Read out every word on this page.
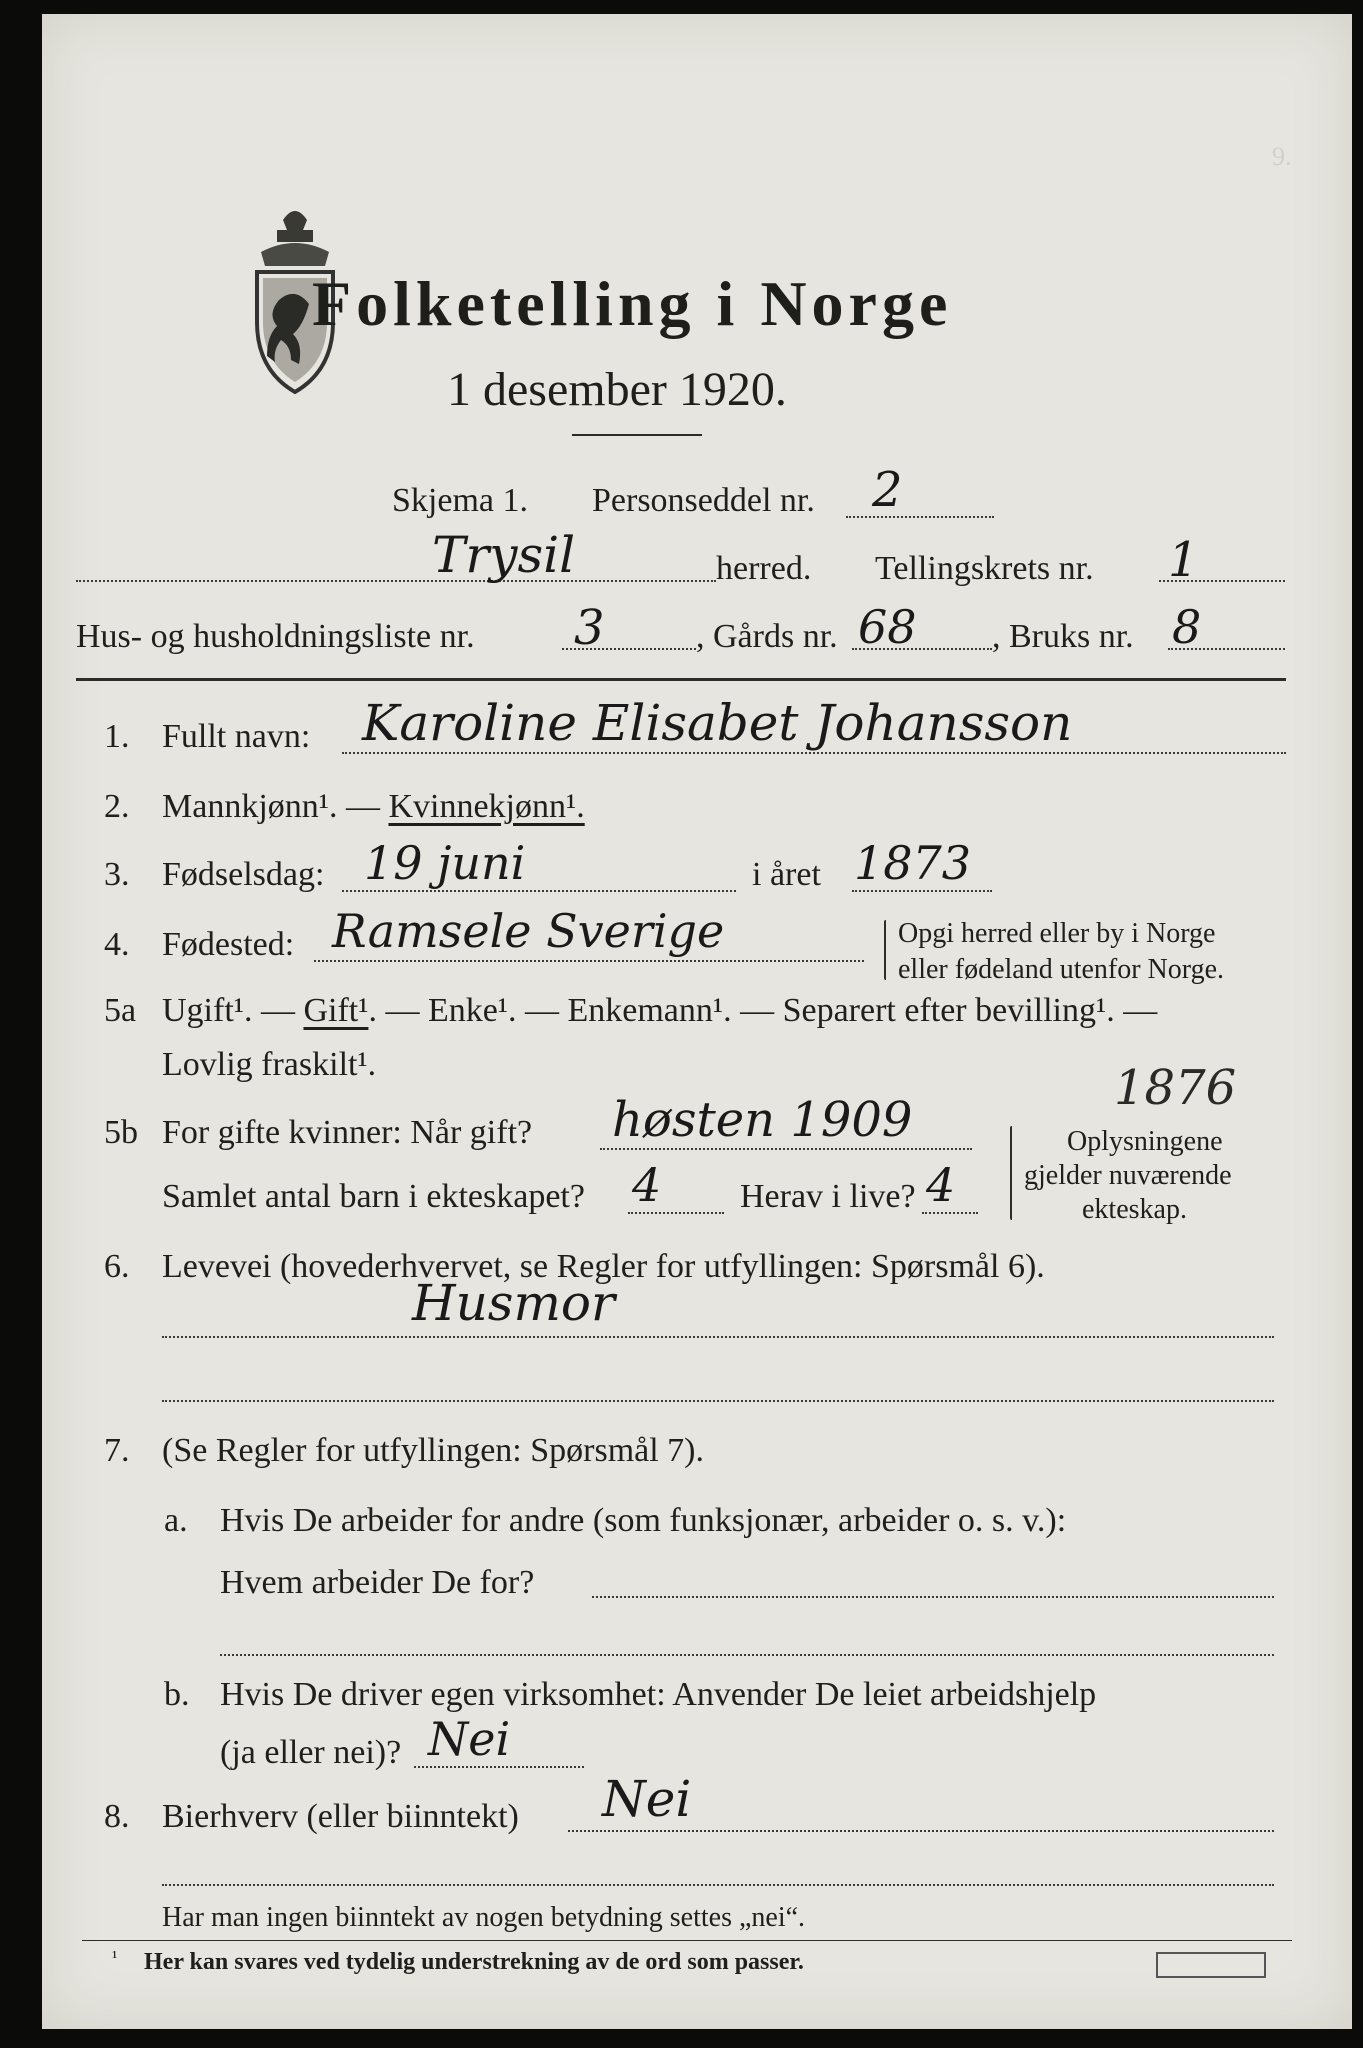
9.
Folketelling i Norge
1 desember 1920.
Skjema 1. Personseddel nr. 2
Trysil	herred. Tellingskrets nr. 1
Hus- og husholdningsliste nr. 3	, Gårds nr. 68 , Bruks nr. 8
1. Fullt navn: Karoline Elisabet Johansson
2. Mannkjønn¹. — Kvinnekjønn¹.
3. Fødselsdag: 19 juni	i året 1873
4. Fødested: Ramsele Sverige	Opgi herred eller by i Norge
eller fødeland utenfor Norge.
5a Ugift¹. — Gift¹. — Enke¹. — Enkemann¹. — Separert efter bevilling¹. —
Lovlig fraskilt¹.	1876
5b For gifte kvinner: Når gift? høsten 1909
Samlet antal barn i ekteskapet? 4 Herav i live? 4
Oplysningene
gjelder nuværende
ekteskap.
6. Levevei (hovederhvervet, se Regler for utfyllingen: Spørsmål 6).
Husmor
7. (Se Regler for utfyllingen: Spørsmål 7).
a. Hvis De arbeider for andre (som funksjonær, arbeider o. s. v.):
Hvem arbeider De for?
b. Hvis De driver egen virksomhet: Anvender De leiet arbeidshjelp
(ja eller nei)? Nei
8. Bierhverv (eller biinntekt) Nei
Har man ingen biinntekt av nogen betydning settes „nei“.
¹ Her kan svares ved tydelig understrekning av de ord som passer.
